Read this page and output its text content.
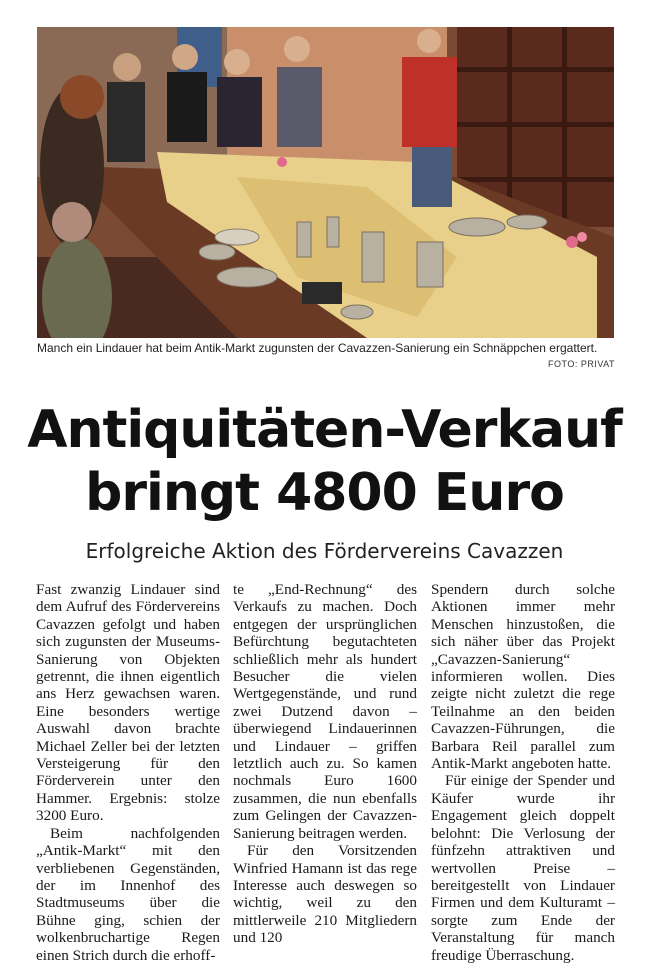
Manch ein Lindauer hat beim Antik-Markt zugunsten der Cavazzen-Sanierung ein Schnäppchen ergattert.
FOTO: PRIVAT
Antiquitäten-Verkauf
bringt 4800 Euro
Erfolgreiche Aktion des Fördervereins Cavazzen

Fast zwanzig Lindauer sind dem Aufruf des Fördervereins Cavazzen gefolgt und haben sich zugunsten der Museums-Sanierung von Objekten getrennt, die ihnen eigentlich ans Herz gewachsen waren. Eine besonders wertige Auswahl davon brachte Michael Zeller bei der letzten Versteigerung für den Förderverein unter den Hammer. Ergebnis: stolze 3200 Euro.

Beim nachfolgenden „Antik-Markt“ mit den verbliebenen Gegenständen, der im Innenhof des Stadtmuseums über die Bühne ging, schien der wolkenbruchartige Regen einen Strich durch die erhoff-

te „End-Rechnung“ des Verkaufs zu machen. Doch entgegen der ursprünglichen Befürchtung begutachteten schließlich mehr als hundert Besucher die vielen Wertgegenstände, und rund zwei Dutzend davon – überwiegend Lindauerinnen und Lindauer – griffen letztlich auch zu. So kamen nochmals Euro 1600 zusammen, die nun ebenfalls zum Gelingen der Cavazzen-Sanierung beitragen werden.

Für den Vorsitzenden Winfried Hamann ist das rege Interesse auch deswegen so wichtig, weil zu den mittlerweile 210 Mitgliedern und 120

Spendern durch solche Aktionen immer mehr Menschen hinzustoßen, die sich näher über das Projekt „Cavazzen-Sanierung“ informieren wollen. Dies zeigte nicht zuletzt die rege Teilnahme an den beiden Cavazzen-Führungen, die Barbara Reil parallel zum Antik-Markt angeboten hatte.

Für einige der Spender und Käufer wurde ihr Engagement gleich doppelt belohnt: Die Verlosung der fünfzehn attraktiven und wertvollen Preise – bereitgestellt von Lindauer Firmen und dem Kulturamt – sorgte zum Ende der Veranstaltung für manch freudige Überraschung.
